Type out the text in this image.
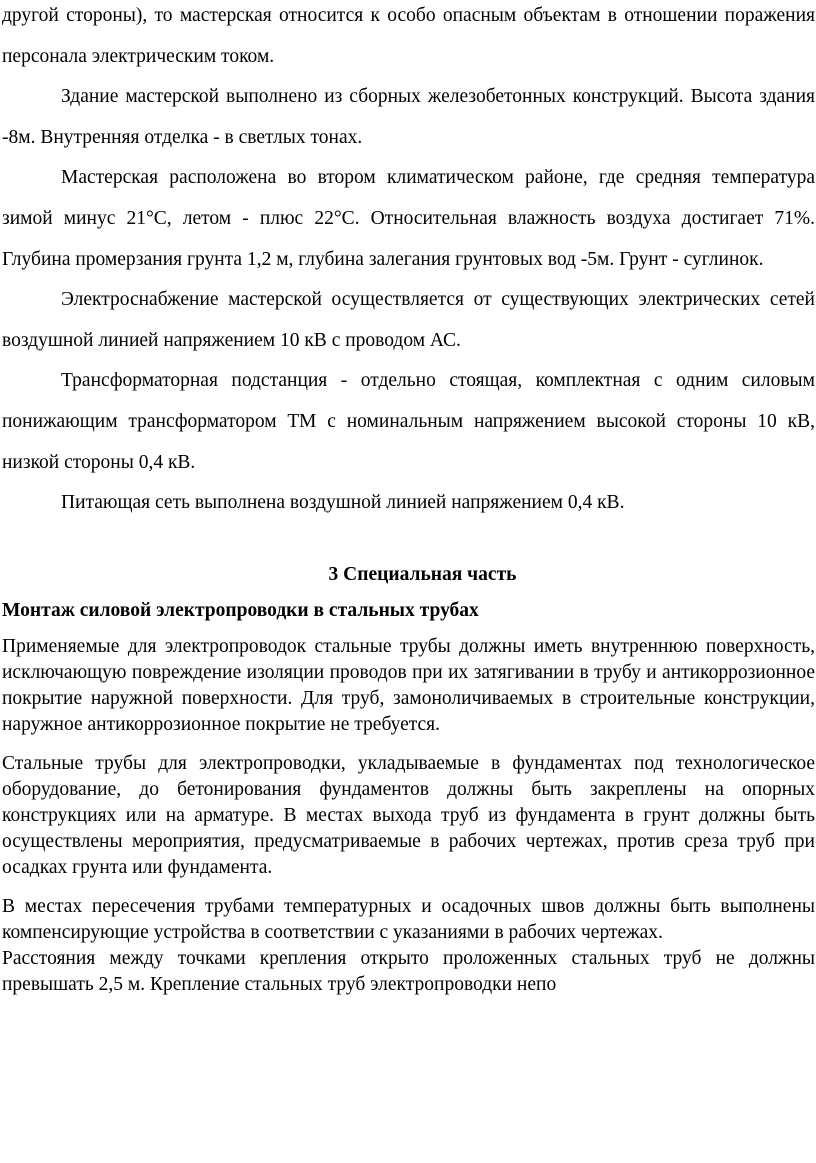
другой стороны), то мастерская относится к особо опасным объектам в отношении поражения персонала электрическим током.

Здание мастерской выполнено из сборных железобетонных конструкций. Высота здания -8м. Внутренняя отделка - в светлых тонах.

Мастерская расположена во втором климатическом районе, где средняя температура зимой минус 21°С, летом - плюс 22°С. Относительная влажность воздуха достигает 71%. Глубина промерзания грунта 1,2 м, глубина залегания грунтовых вод -5м. Грунт - суглинок.

Электроснабжение мастерской осуществляется от существующих электрических сетей воздушной линией напряжением 10 кВ с проводом АС.

Трансформаторная подстанция - отдельно стоящая, комплектная с одним силовым понижающим трансформатором ТМ с номинальным напряжением высокой стороны 10 кВ, низкой стороны 0,4 кВ.

Питающая сеть выполнена воздушной линией напряжением 0,4 кВ.

3 Специальная часть
Монтаж силовой электропроводки в стальных трубах

Применяемые для электропроводок стальные трубы должны иметь внутреннюю поверхность, исключающую повреждение изоляции проводов при их затягивании в трубу и антикоррозионное покрытие наружной поверхности. Для труб, замоноличиваемых в строительные конструкции, наружное антикоррозионное покрытие не требуется.

Стальные трубы для электропроводки, укладываемые в фундаментах под технологическое оборудование, до бетонирования фундаментов должны быть закреплены на опорных конструкциях или на арматуре. В местах выхода труб из фундамента в грунт должны быть осуществлены мероприятия, предусматриваемые в рабочих чертежах, против среза труб при осадках грунта или фундамента.

В местах пересечения трубами температурных и осадочных швов должны быть выполнены компенсирующие устройства в соответствии с указаниями в рабочих чертежах.

Расстояния между точками крепления открыто проложенных стальных труб не должны превышать 2,5 м. Крепление стальных труб электропроводки непо
